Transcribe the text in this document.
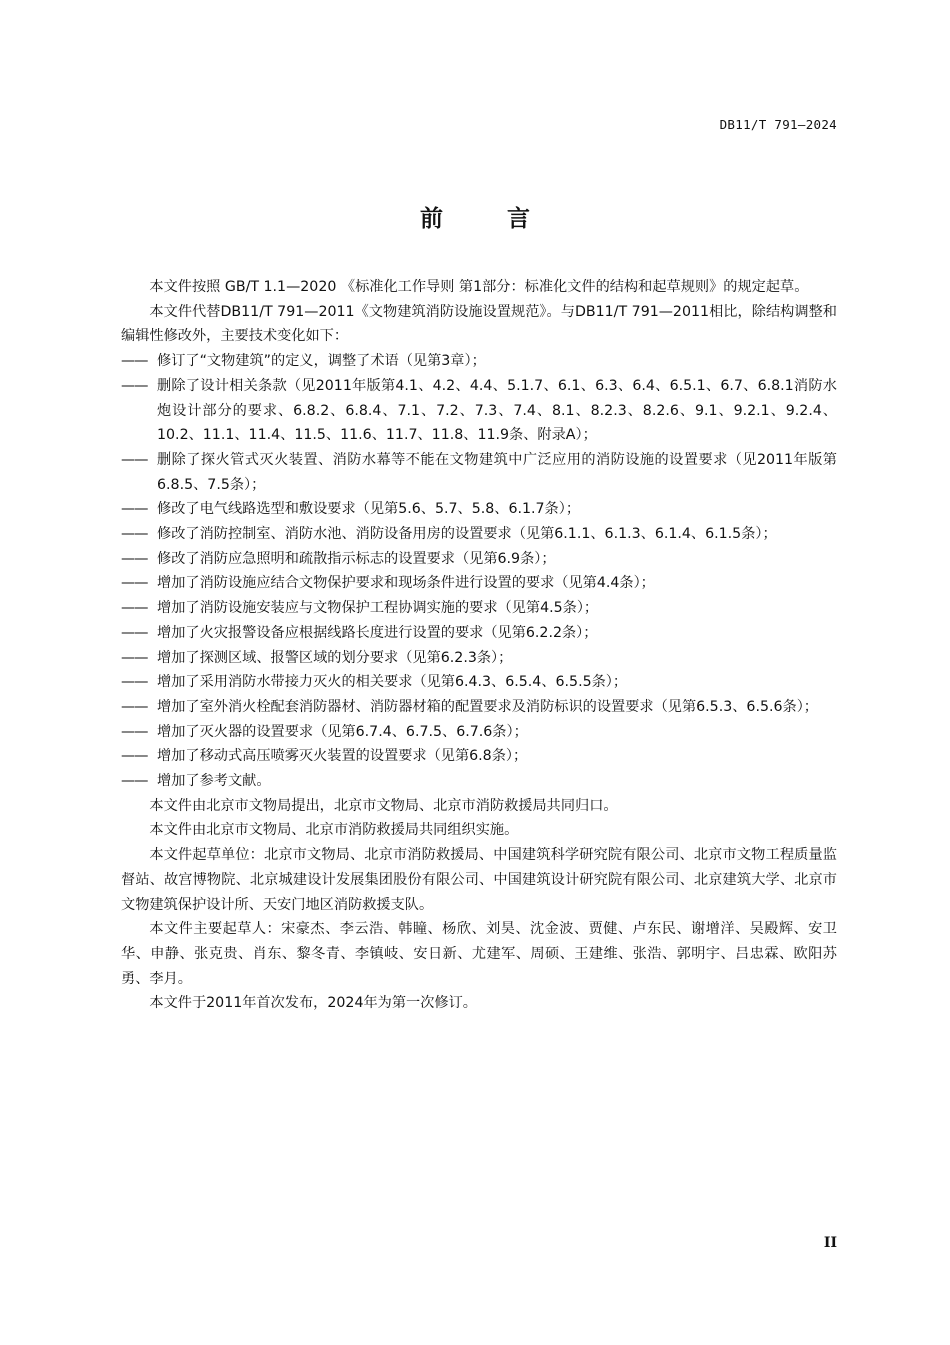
DB11/T 791—2024
前 言

本文件按照 GB/T 1.1—2020 《标准化工作导则 第1部分：标准化文件的结构和起草规则》的规定起草。

本文件代替DB11/T 791—2011《文物建筑消防设施设置规范》。与DB11/T 791—2011相比，除结构调整和编辑性修改外，主要技术变化如下：

—— 修订了“文物建筑”的定义，调整了术语（见第3章）；
—— 删除了设计相关条款（见2011年版第4.1、4.2、4.4、5.1.7、6.1、6.3、6.4、6.5.1、6.7、6.8.1消防水炮设计部分的要求、6.8.2、6.8.4、7.1、7.2、7.3、7.4、8.1、8.2.3、8.2.6、9.1、9.2.1、9.2.4、10.2、11.1、11.4、11.5、11.6、11.7、11.8、11.9条、附录A）；
—— 删除了探火管式灭火装置、消防水幕等不能在文物建筑中广泛应用的消防设施的设置要求（见2011年版第6.8.5、7.5条）；
—— 修改了电气线路选型和敷设要求（见第5.6、5.7、5.8、6.1.7条）；
—— 修改了消防控制室、消防水池、消防设备用房的设置要求（见第6.1.1、6.1.3、6.1.4、6.1.5条）；
—— 修改了消防应急照明和疏散指示标志的设置要求（见第6.9条）；
—— 增加了消防设施应结合文物保护要求和现场条件进行设置的要求（见第4.4条）；
—— 增加了消防设施安装应与文物保护工程协调实施的要求（见第4.5条）；
—— 增加了火灾报警设备应根据线路长度进行设置的要求（见第6.2.2条）；
—— 增加了探测区域、报警区域的划分要求（见第6.2.3条）；
—— 增加了采用消防水带接力灭火的相关要求（见第6.4.3、6.5.4、6.5.5条）；
—— 增加了室外消火栓配套消防器材、消防器材箱的配置要求及消防标识的设置要求（见第6.5.3、6.5.6条）；
—— 增加了灭火器的设置要求（见第6.7.4、6.7.5、6.7.6条）；
—— 增加了移动式高压喷雾灭火装置的设置要求（见第6.8条）；
—— 增加了参考文献。

本文件由北京市文物局提出，北京市文物局、北京市消防救援局共同归口。

本文件由北京市文物局、北京市消防救援局共同组织实施。

本文件起草单位：北京市文物局、北京市消防救援局、中国建筑科学研究院有限公司、北京市文物工程质量监督站、故宫博物院、北京城建设计发展集团股份有限公司、中国建筑设计研究院有限公司、北京建筑大学、北京市文物建筑保护设计所、天安门地区消防救援支队。

本文件主要起草人：宋豪杰、李云浩、韩瞳、杨欣、刘昊、沈金波、贾健、卢东民、谢增洋、吴殿辉、安卫华、申静、张克贵、肖东、黎冬青、李镇岐、安日新、尤建军、周硕、王建维、张浩、郭明宇、吕忠霖、欧阳苏勇、李月。

本文件于2011年首次发布，2024年为第一次修订。

II
